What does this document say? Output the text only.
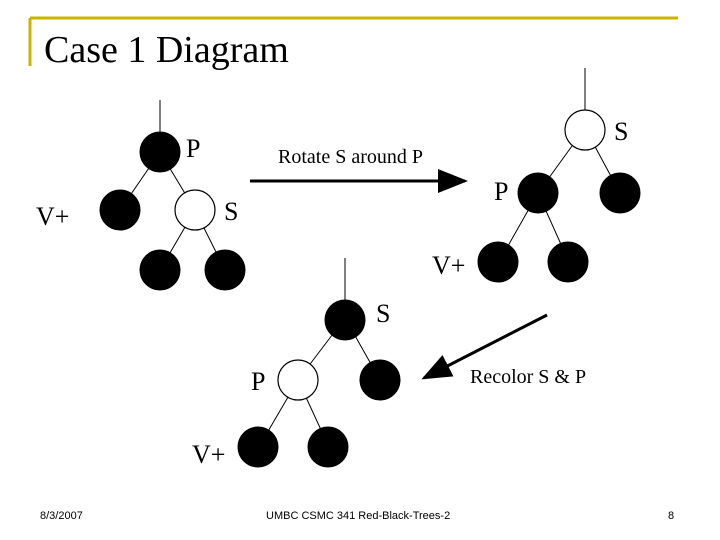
P
V+	S
Rotate S around P
S
P
V+
Recolor S & P
S
P
V+
Case 1 Diagram
8/3/2007	UMBC CSMC 341 Red-Black-Trees-2	8
